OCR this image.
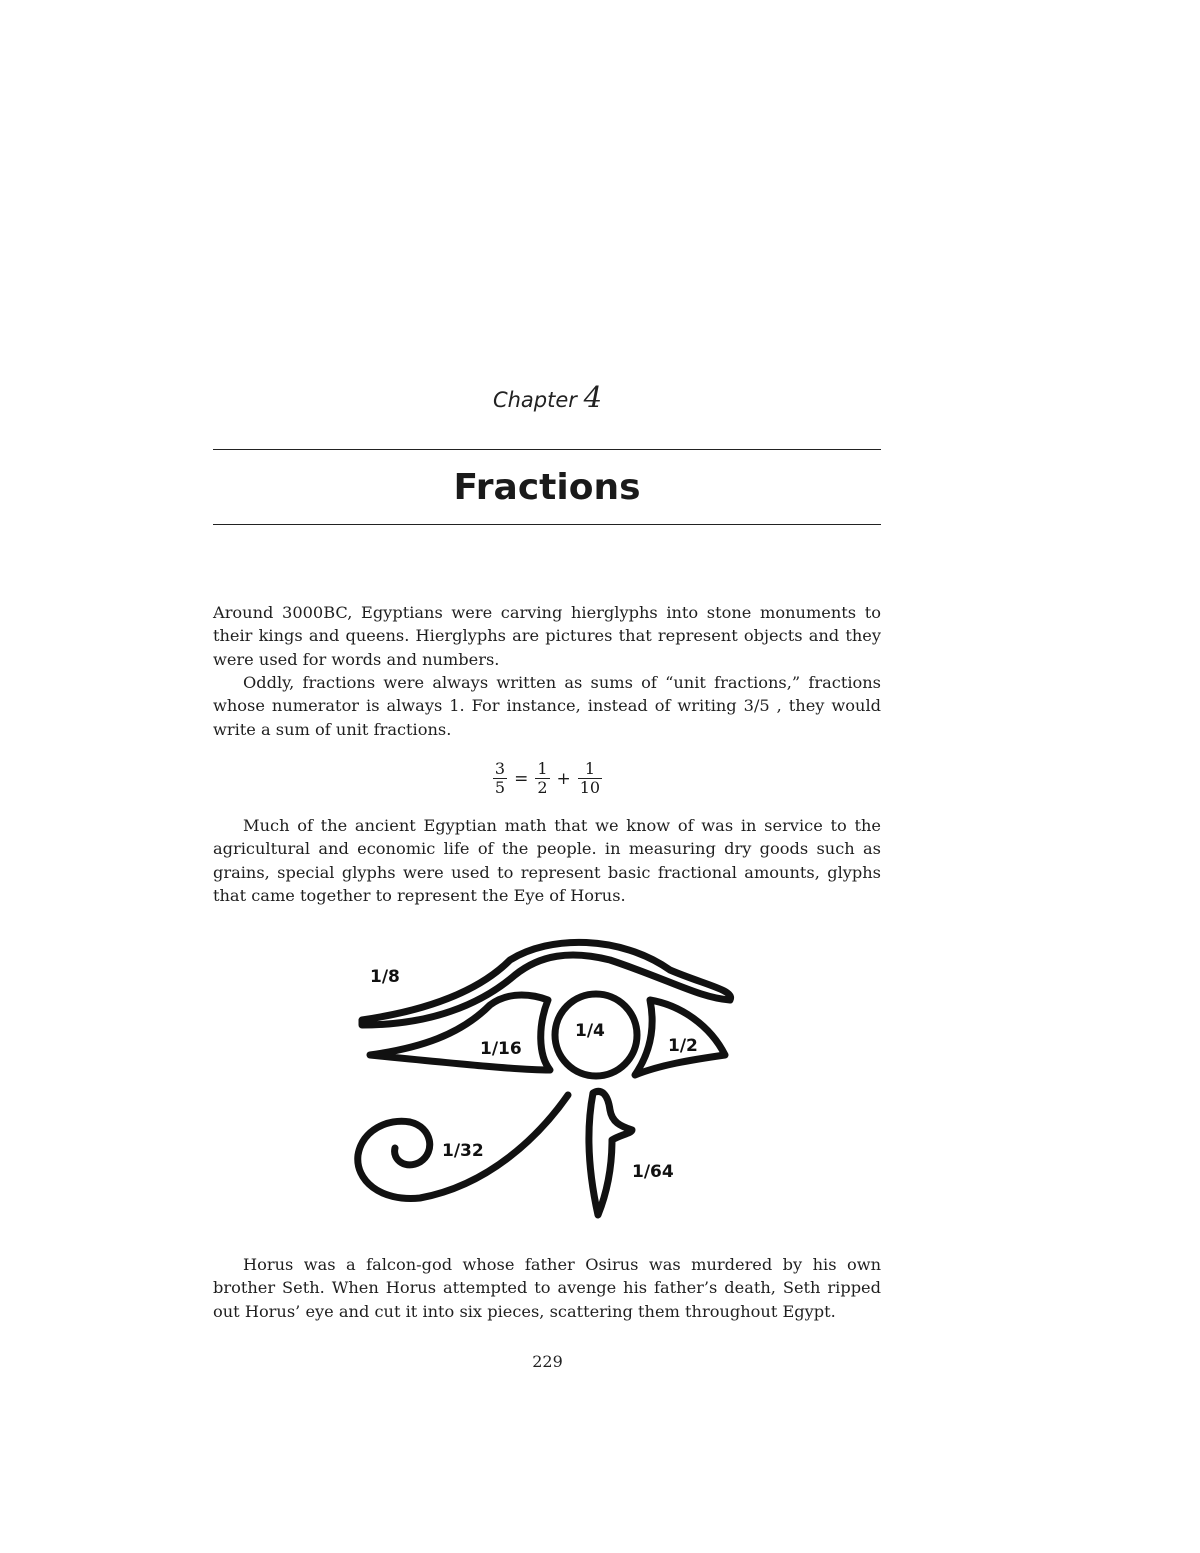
Chapter 4
Fractions

Around 3000BC, Egyptians were carving hierglyphs into stone monuments to their kings and queens. Hierglyphs are pictures that represent objects and they were used for words and numbers.

Oddly, fractions were always written as sums of “unit fractions,” fractions whose numerator is always 1. For instance, instead of writing 3/5 , they would write a sum of unit fractions.

$\frac{3}{5} = \frac{1}{2} + \frac{1}{10}$

Much of the ancient Egyptian math that we know of was in service to the agricultural and economic life of the people. in measuring dry goods such as grains, special glyphs were used to represent basic fractional amounts, glyphs that came together to represent the Eye of Horus.

1/8
1/16
1/4
1/2
1/32
1/64

Horus was a falcon-god whose father Osirus was murdered by his own brother Seth. When Horus attempted to avenge his father’s death, Seth ripped out Horus’ eye and cut it into six pieces, scattering them throughout Egypt.

229
